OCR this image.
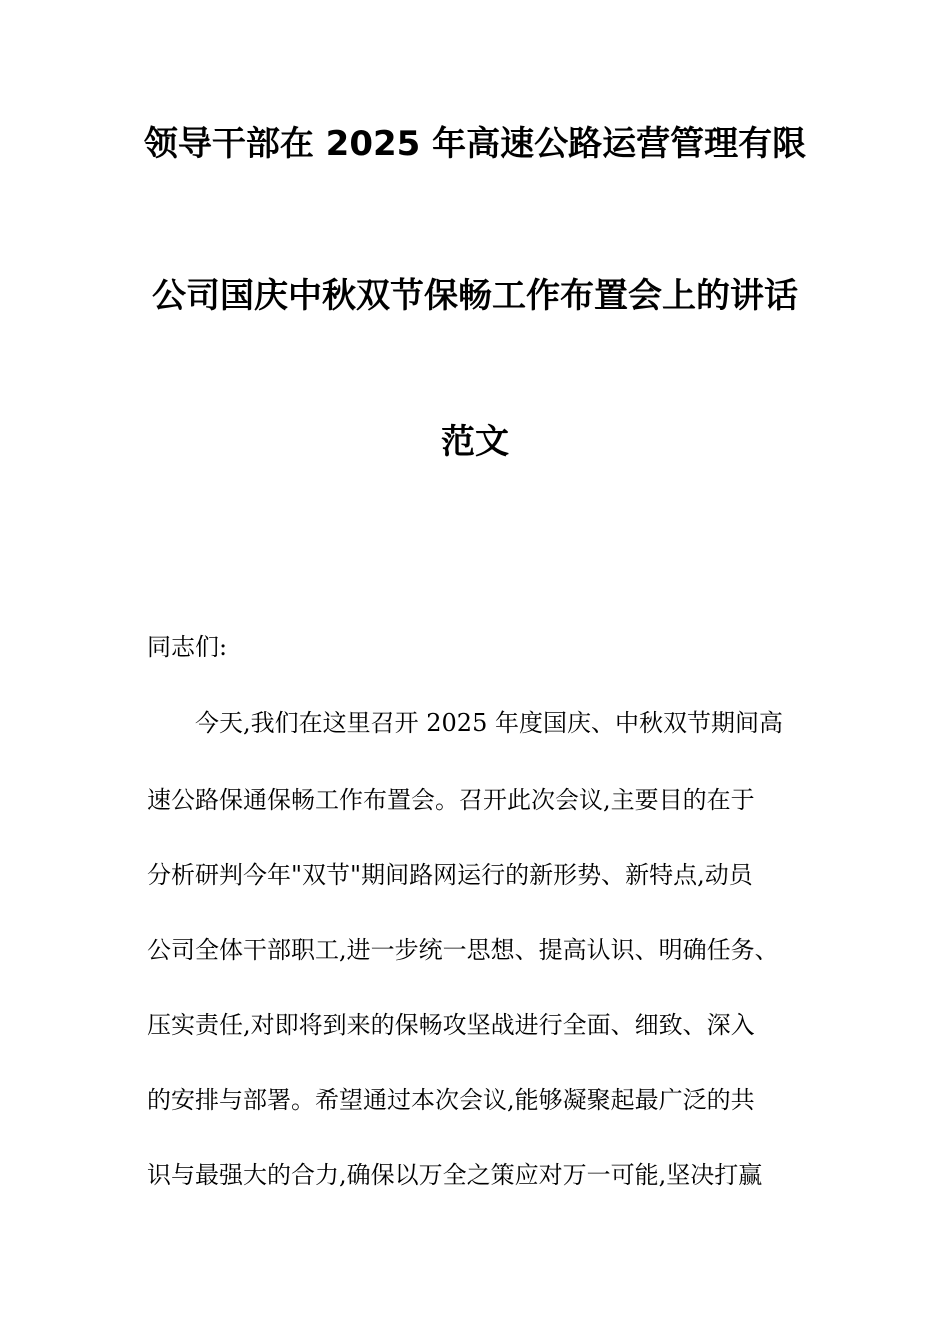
领导干部在 2025 年高速公路运营管理有限
公司国庆中秋双节保畅工作布置会上的讲话
范文
同志们:
今天,我们在这里召开 2025 年度国庆、中秋双节期间高
速公路保通保畅工作布置会。召开此次会议,主要目的在于
分析研判今年"双节"期间路网运行的新形势、新特点,动员
公司全体干部职工,进一步统一思想、提高认识、明确任务、
压实责任,对即将到来的保畅攻坚战进行全面、细致、深入
的安排与部署。希望通过本次会议,能够凝聚起最广泛的共
识与最强大的合力,确保以万全之策应对万一可能,坚决打赢
